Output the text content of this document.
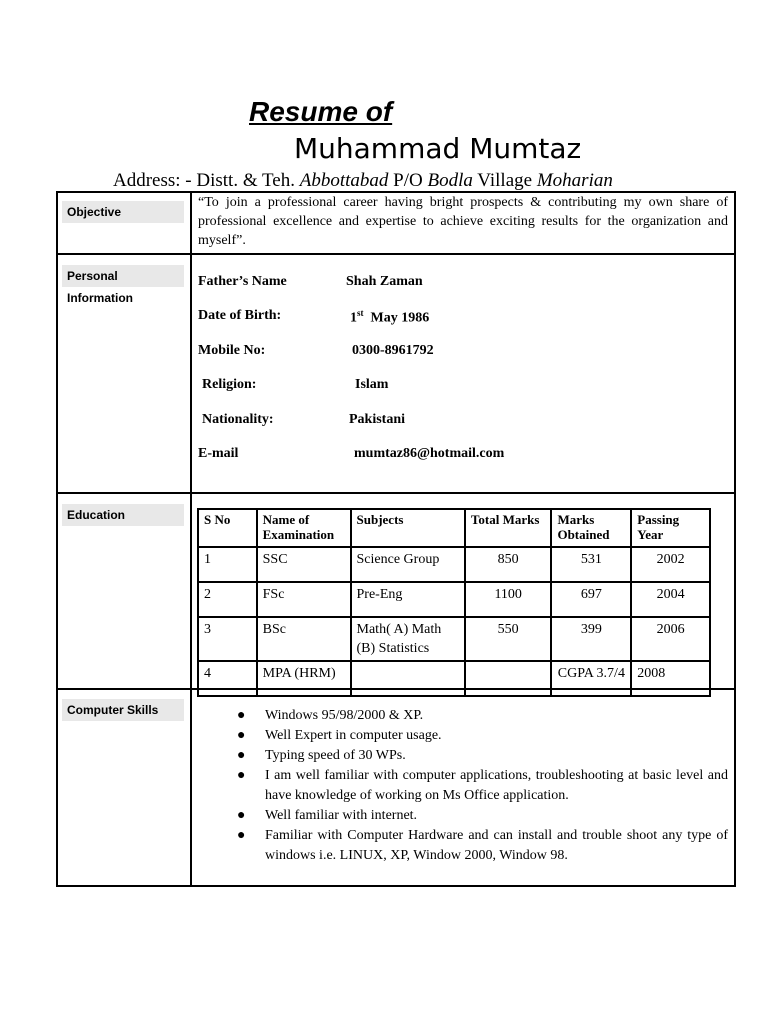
Resume of
Muhammad Mumtaz
Address: - Distt. & Teh. Abbottabad P/O Bodla Village Moharian
Objective
Personal Information
Education
Computer Skills
“To join a professional career having bright prospects & contributing my own share of professional excellence and expertise to achieve exciting results for the organization and myself”.
Father’s Name	Shah Zaman
Date of Birth:	1st May 1986
Mobile No:	0300-8961792
Religion:	Islam
Nationality:	Pakistani
E-mail	mumtaz86@hotmail.com
S No	Name of Examination	Subjects	Total Marks	Marks Obtained	Passing Year
1	SSC	Science Group	850	531	2002
2	FSc	Pre-Eng	1100	697	2004
3	BSc	Math( A) Math (B) Statistics	550	399	2006
4	MPA (HRM)			CGPA 3.7/4	2008
● Windows 95/98/2000 & XP.
● Well Expert in computer usage.
● Typing speed of 30 WPs.
● I am well familiar with computer applications, troubleshooting at basic level and have knowledge of working on Ms Office application.
● Well familiar with internet.
● Familiar with Computer Hardware and can install and trouble shoot any type of windows i.e. LINUX, XP, Window 2000, Window 98.
